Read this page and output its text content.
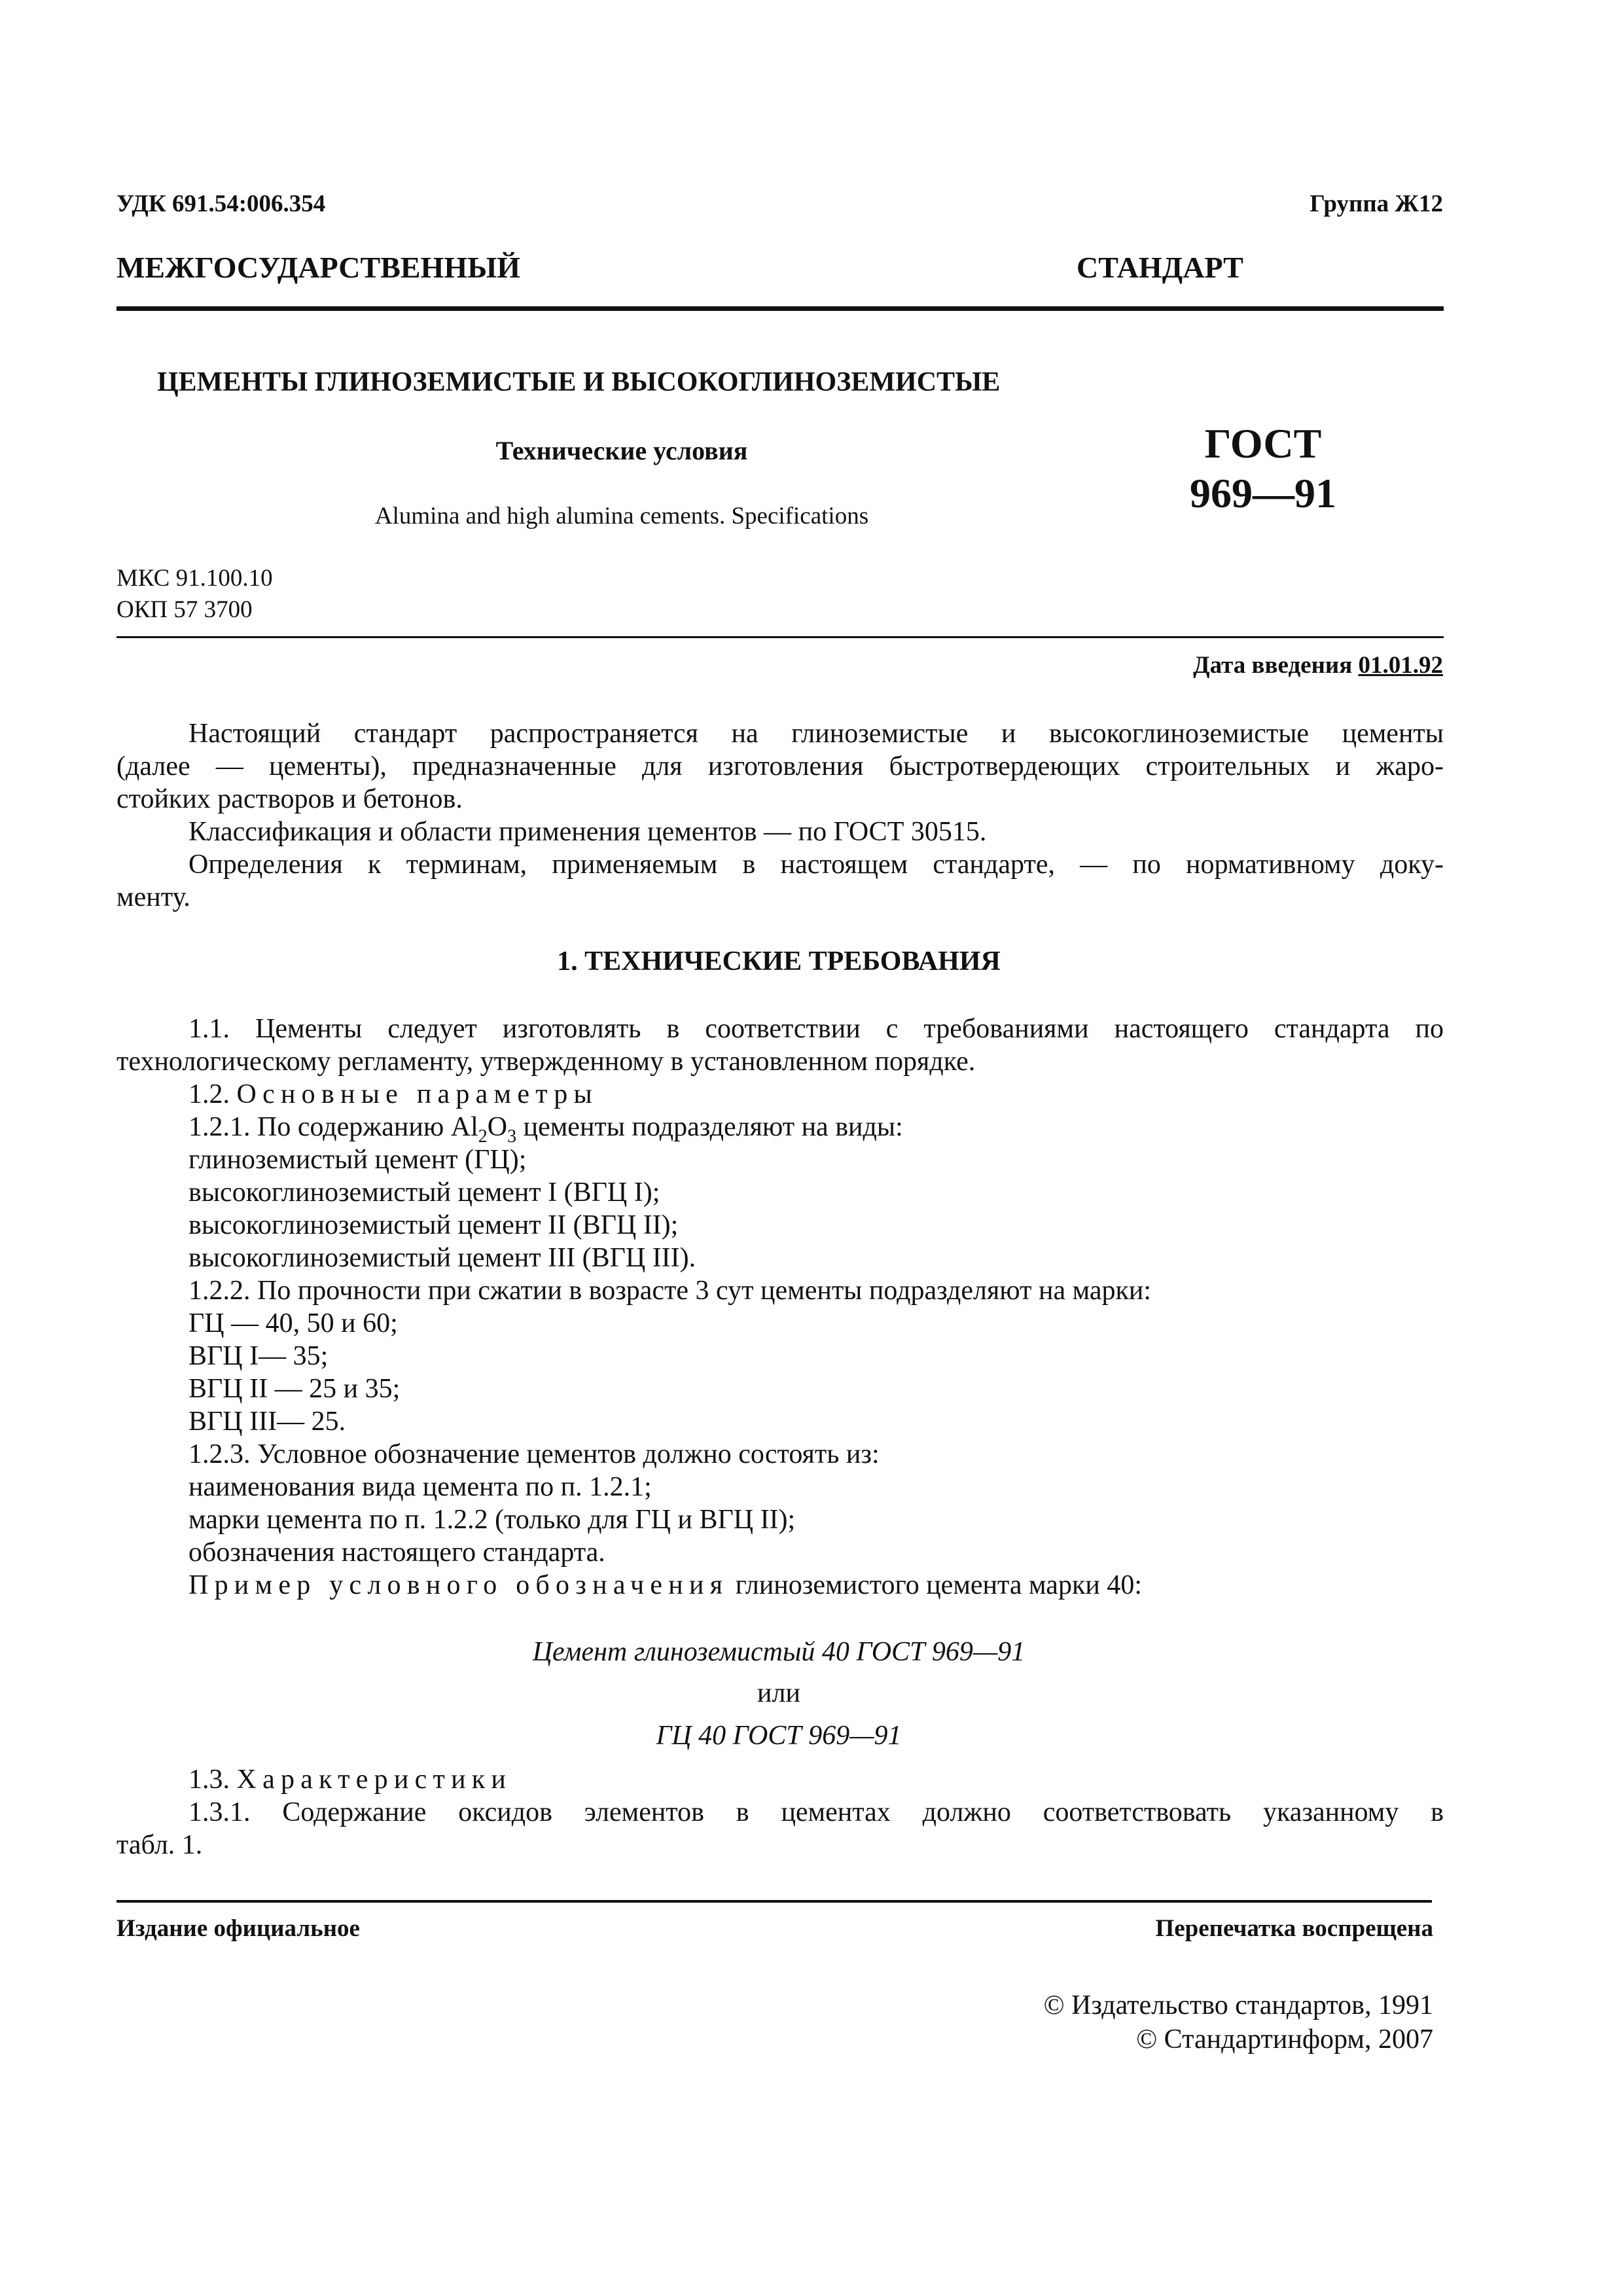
УДК 691.54:006.354	Группа Ж12
МЕЖГОСУДАРСТВЕННЫЙ	СТАНДАРТ
ЦЕМЕНТЫ ГЛИНОЗЕМИСТЫЕ И ВЫСОКОГЛИНОЗЕМИСТЫЕ
Технические условия
Alumina and high alumina cements. Specifications
ГОСТ
969—91
МКС 91.100.10
ОКП 57 3700
Дата введения 01.01.92
Настоящий стандарт распространяется на глиноземистые и высокоглиноземистые цементы
(далее — цементы), предназначенные для изготовления быстротвердеющих строительных и жаро-
стойких растворов и бетонов.
Классификация и области применения цементов — по ГОСТ 30515.
Определения к терминам, применяемым в настоящем стандарте, — по нормативному доку-
менту.
1. ТЕХНИЧЕСКИЕ ТРЕБОВАНИЯ
1.1. Цементы следует изготовлять в соответствии с требованиями настоящего стандарта по
технологическому регламенту, утвержденному в установленном порядке.
1.2. Основные параметры
1.2.1. По содержанию $Al_2O_3$ цементы подразделяют на виды:
глиноземистый цемент (ГЦ);
высокоглиноземистый цемент I (ВГЦ I);
высокоглиноземистый цемент II (ВГЦ II);
высокоглиноземистый цемент III (ВГЦ III).
1.2.2. По прочности при сжатии в возрасте 3 сут цементы подразделяют на марки:
ГЦ — 40, 50 и 60;
ВГЦ I— 35;
ВГЦ II — 25 и 35;
ВГЦ III— 25.
1.2.3. Условное обозначение цементов должно состоять из:
наименования вида цемента по п. 1.2.1;
марки цемента по п. 1.2.2 (только для ГЦ и ВГЦ II);
обозначения настоящего стандарта.
Пример условного обозначения глиноземистого цемента марки 40:
Цемент глиноземистый 40 ГОСТ 969—91
или
ГЦ 40 ГОСТ 969—91
1.3. Характеристики
1.3.1. Содержание оксидов элементов в цементах должно соответствовать указанному в
табл. 1.
Издание официальное	Перепечатка воспрещена
© Издательство стандартов, 1991
© Стандартинформ, 2007
